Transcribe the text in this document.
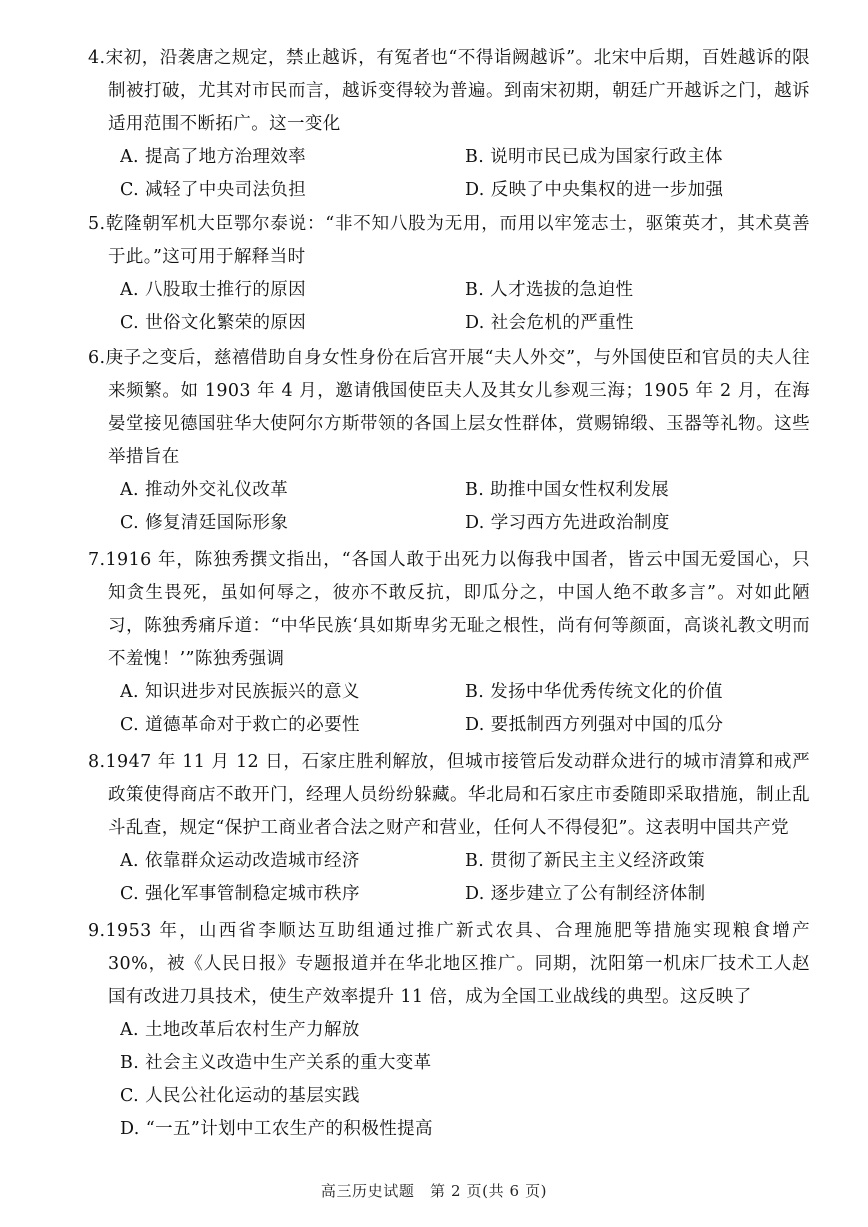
4.宋初，沿袭唐之规定，禁止越诉，有冤者也“不得诣阙越诉”。北宋中后期，百姓越诉的限制被打破，尤其对市民而言，越诉变得较为普遍。到南宋初期，朝廷广开越诉之门，越诉适用范围不断拓广。这一变化
A. 提高了地方治理效率	B. 说明市民已成为国家行政主体
C. 减轻了中央司法负担	D. 反映了中央集权的进一步加强
5.乾隆朝军机大臣鄂尔泰说：“非不知八股为无用，而用以牢笼志士，驱策英才，其术莫善于此。”这可用于解释当时
A. 八股取士推行的原因	B. 人才选拔的急迫性
C. 世俗文化繁荣的原因	D. 社会危机的严重性
6.庚子之变后，慈禧借助自身女性身份在后宫开展“夫人外交”，与外国使臣和官员的夫人往来频繁。如 1903 年 4 月，邀请俄国使臣夫人及其女儿参观三海；1905 年 2 月，在海晏堂接见德国驻华大使阿尔方斯带领的各国上层女性群体，赏赐锦缎、玉器等礼物。这些举措旨在
A. 推动外交礼仪改革	B. 助推中国女性权利发展
C. 修复清廷国际形象	D. 学习西方先进政治制度
7.1916 年，陈独秀撰文指出，“各国人敢于出死力以侮我中国者，皆云中国无爱国心，只知贪生畏死，虽如何辱之，彼亦不敢反抗，即瓜分之，中国人绝不敢多言”。对如此陋习，陈独秀痛斥道：“中华民族‘具如斯卑劣无耻之根性，尚有何等颜面，高谈礼教文明而不羞愧！’”陈独秀强调
A. 知识进步对民族振兴的意义	B. 发扬中华优秀传统文化的价值
C. 道德革命对于救亡的必要性	D. 要抵制西方列强对中国的瓜分
8.1947 年 11 月 12 日，石家庄胜利解放，但城市接管后发动群众进行的城市清算和戒严政策使得商店不敢开门，经理人员纷纷躲藏。华北局和石家庄市委随即采取措施，制止乱斗乱查，规定“保护工商业者合法之财产和营业，任何人不得侵犯”。这表明中国共产党
A. 依靠群众运动改造城市经济	B. 贯彻了新民主主义经济政策
C. 强化军事管制稳定城市秩序	D. 逐步建立了公有制经济体制
9.1953 年，山西省李顺达互助组通过推广新式农具、合理施肥等措施实现粮食增产 30%，被《人民日报》专题报道并在华北地区推广。同期，沈阳第一机床厂技术工人赵国有改进刀具技术，使生产效率提升 11 倍，成为全国工业战线的典型。这反映了
A. 土地改革后农村生产力解放
B. 社会主义改造中生产关系的重大变革
C. 人民公社化运动的基层实践
D. “一五”计划中工农生产的积极性提高
高三历史试题　第 2 页(共 6 页)
